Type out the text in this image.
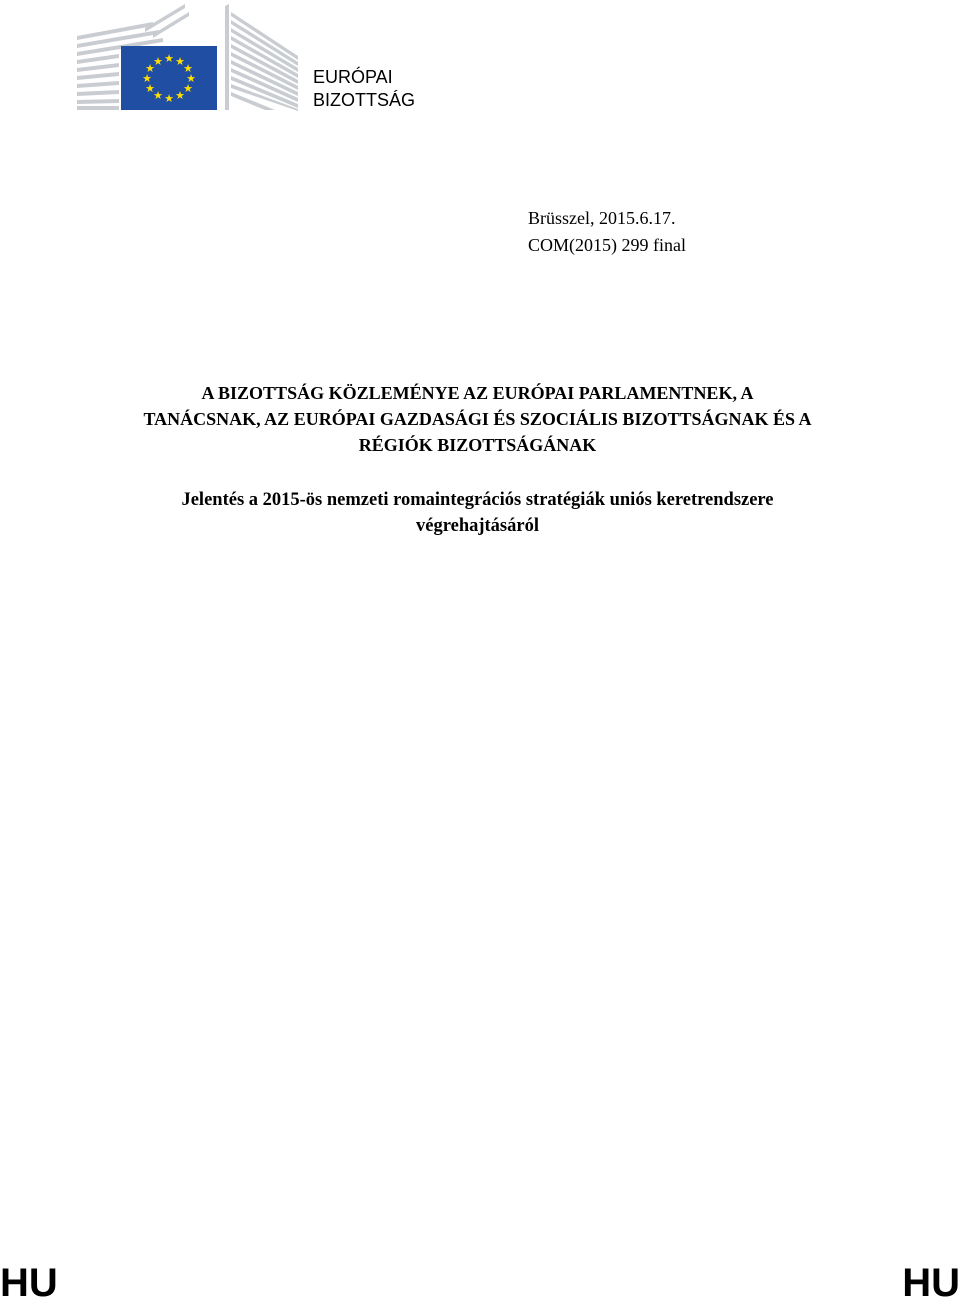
★ ★
★
★
★
★
★
★
★
★
★
★
EURÓPAI
BIZOTTSÁG
Brüsszel, 2015.6.17.
COM(2015) 299 final
A BIZOTTSÁG KÖZLEMÉNYE AZ EURÓPAI PARLAMENTNEK, A
TANÁCSNAK, AZ EURÓPAI GAZDASÁGI ÉS SZOCIÁLIS BIZOTTSÁGNAK ÉS A
RÉGIÓK BIZOTTSÁGÁNAK
Jelentés a 2015-ös nemzeti romaintegrációs stratégiák uniós keretrendszere
végrehajtásáról
HU	HU
